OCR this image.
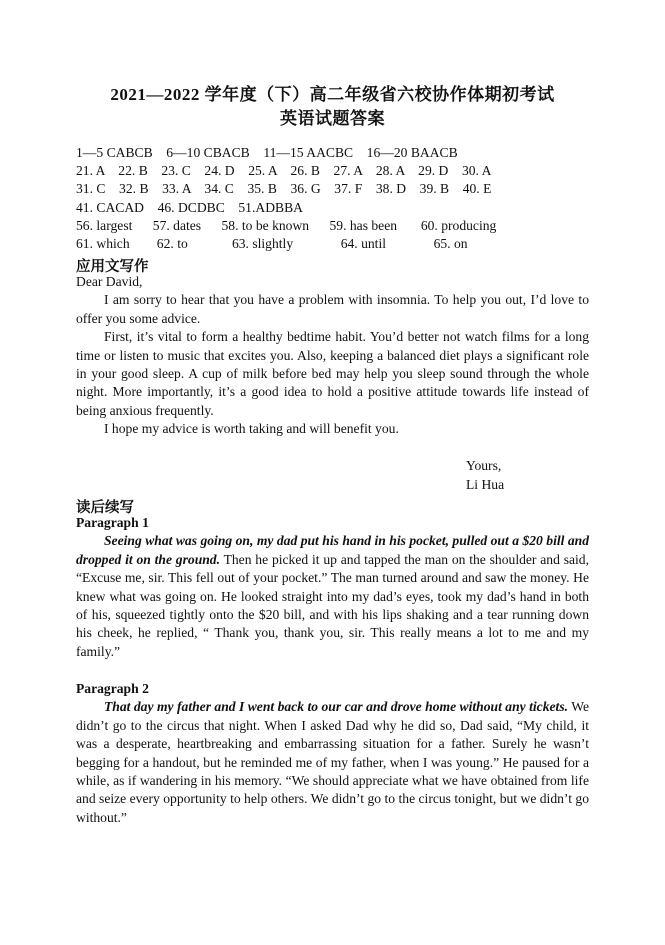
2021—2022 学年度（下）高二年级省六校协作体期初考试
英语试题答案
1—5 CABCB    6—10 CBACB    11—15 AACBC    16—20 BAACB
21. A    22. B    23. C    24. D    25. A    26. B    27. A    28. A    29. D    30. A
31. C    32. B    33. A    34. C    35. B    36. G    37. F    38. D    39. B    40. E
41. CACAD    46. DCDBC    51.ADBBA
56. largest      57. dates      58. to be known      59. has been       60. producing
61. which        62. to             63. slightly              64. until              65. on
应用文写作

Dear David,

I am sorry to hear that you have a problem with insomnia. To help you out, I’d love to offer you some advice.

First, it’s vital to form a healthy bedtime habit. You’d better not watch films for a long time or listen to music that excites you. Also, keeping a balanced diet plays a significant role in your good sleep. A cup of milk before bed may help you sleep sound through the whole night. More importantly, it’s a good idea to hold a positive attitude towards life instead of being anxious frequently.

I hope my advice is worth taking and will benefit you.

Yours,
Li Hua
读后续写

Paragraph 1

Seeing what was going on, my dad put his hand in his pocket, pulled out a $20 bill and dropped it on the ground. Then he picked it up and tapped the man on the shoulder and said, “Excuse me, sir. This fell out of your pocket.” The man turned around and saw the money. He knew what was going on. He looked straight into my dad’s eyes, took my dad’s hand in both of his, squeezed tightly onto the $20 bill, and with his lips shaking and a tear running down his cheek, he replied, “ Thank you, thank you, sir. This really means a lot to me and my family.”

Paragraph 2

That day my father and I went back to our car and drove home without any tickets. We didn’t go to the circus that night. When I asked Dad why he did so, Dad said, “My child, it was a desperate, heartbreaking and embarrassing situation for a father. Surely he wasn’t begging for a handout, but he reminded me of my father, when I was young.” He paused for a while, as if wandering in his memory. “We should appreciate what we have obtained from life and seize every opportunity to help others. We didn’t go to the circus tonight, but we didn’t go without.”
